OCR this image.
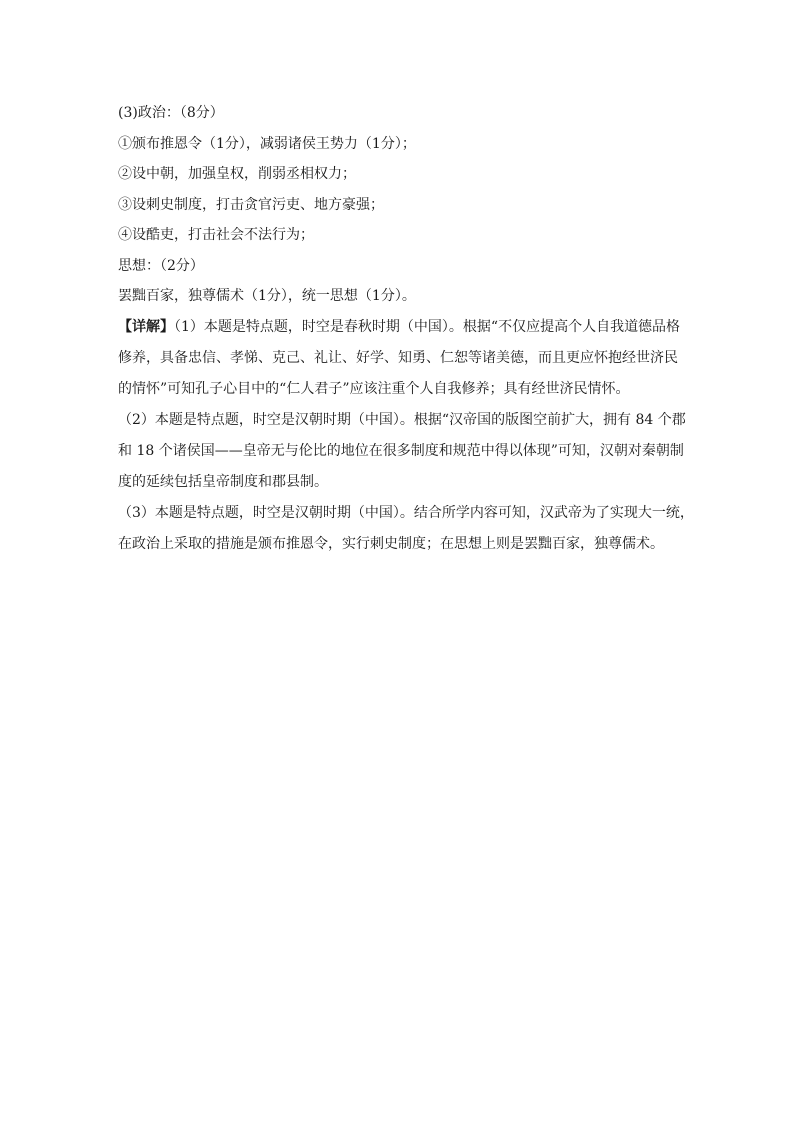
(3)政治：（8分）

①颁布推恩令（1分），减弱诸侯王势力（1分）；

②设中朝，加强皇权，削弱丞相权力；

③设刺史制度，打击贪官污吏、地方豪强；

④设酷吏，打击社会不法行为；

思想：（2分）

罢黜百家，独尊儒术（1分），统一思想（1分）。

【详解】（1）本题是特点题，时空是春秋时期（中国）。根据“不仅应提高个人自我道德品格

修养，具备忠信、孝悌、克己、礼让、好学、知勇、仁恕等诸美德，而且更应怀抱经世济民

的情怀”可知孔子心目中的“仁人君子”应该注重个人自我修养；具有经世济民情怀。

（2）本题是特点题，时空是汉朝时期（中国）。根据“汉帝国的版图空前扩大，拥有 84 个郡

和 18 个诸侯国——皇帝无与伦比的地位在很多制度和规范中得以体现”可知，汉朝对秦朝制

度的延续包括皇帝制度和郡县制。

（3）本题是特点题，时空是汉朝时期（中国）。结合所学内容可知，汉武帝为了实现大一统，

在政治上采取的措施是颁布推恩令，实行刺史制度；在思想上则是罢黜百家，独尊儒术。
